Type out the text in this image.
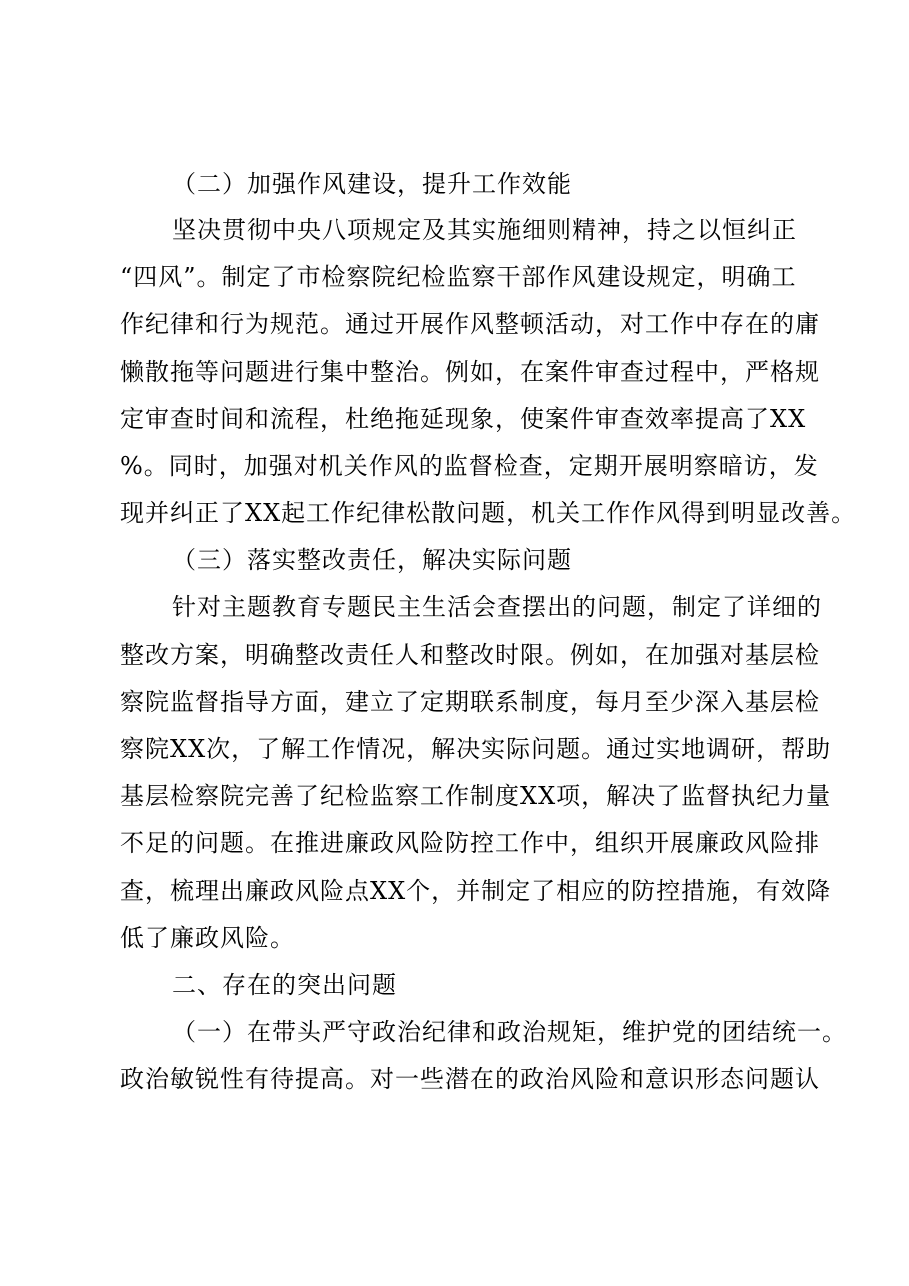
（二）加强作风建设，提升工作效能
坚决贯彻中央八项规定及其实施细则精神，持之以恒纠正
“四风”。制定了市检察院纪检监察干部作风建设规定，明确工
作纪律和行为规范。通过开展作风整顿活动，对工作中存在的庸
懒散拖等问题进行集中整治。例如，在案件审查过程中，严格规
定审查时间和流程，杜绝拖延现象，使案件审查效率提高了XX
%。同时，加强对机关作风的监督检查，定期开展明察暗访，发
现并纠正了XX起工作纪律松散问题，机关工作作风得到明显改善。
（三）落实整改责任，解决实际问题
针对主题教育专题民主生活会查摆出的问题，制定了详细的
整改方案，明确整改责任人和整改时限。例如，在加强对基层检
察院监督指导方面，建立了定期联系制度，每月至少深入基层检
察院XX次，了解工作情况，解决实际问题。通过实地调研，帮助
基层检察院完善了纪检监察工作制度XX项，解决了监督执纪力量
不足的问题。在推进廉政风险防控工作中，组织开展廉政风险排
查，梳理出廉政风险点XX个，并制定了相应的防控措施，有效降
低了廉政风险。
二、存在的突出问题
（一）在带头严守政治纪律和政治规矩，维护党的团结统一。
政治敏锐性有待提高。对一些潜在的政治风险和意识形态问题认
